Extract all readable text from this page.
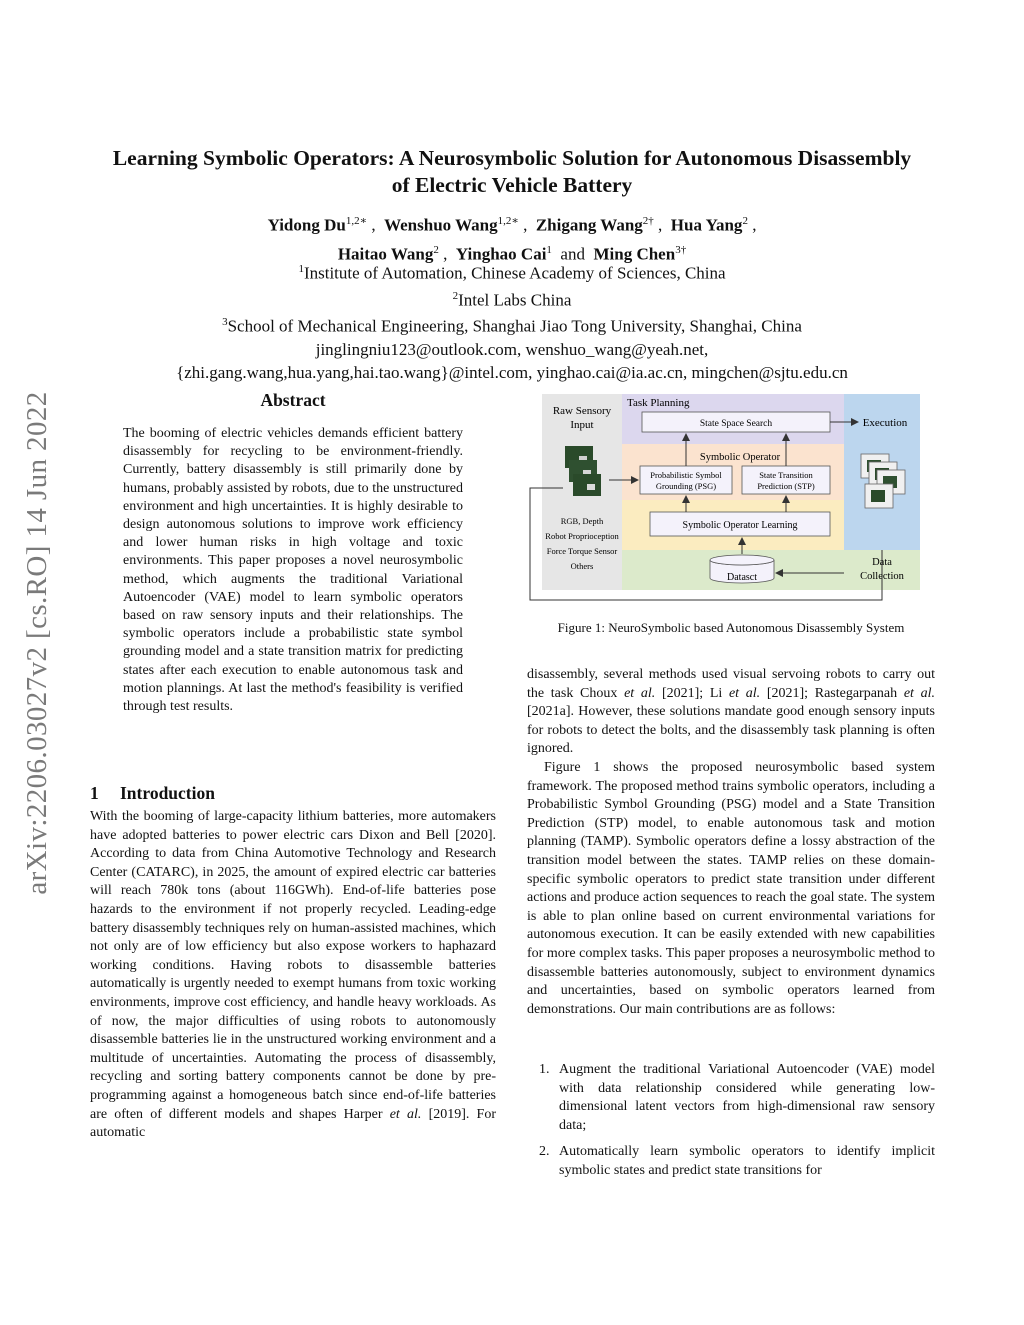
arXiv:2206.03027v2 [cs.RO] 14 Jun 2022
Learning Symbolic Operators: A Neurosymbolic Solution for Autonomous Disassembly of Electric Vehicle Battery
Yidong $Du^{1,2∗}$ ,  Wenshuo Wang$^{1,2∗}$ ,  Zhigang Wang$^{2\dagger}$ ,  Hua Yang$^2$ ,
Haitao Wang$^2$ ,  Yinghao Cai$^1$ and Ming Chen$^{3\dagger}$
$^1$Institute of Automation, Chinese Academy of Sciences, China
$^2$Intel Labs China
$^3$School of Mechanical Engineering, Shanghai Jiao Tong University, Shanghai, China
jinglingniu123@outlook.com, wenshuo_wang@yeah.net,
{zhi.gang.wang,hua.yang,hai.tao.wang}@intel.com, yinghao.cai@ia.ac.cn, mingchen@sjtu.edu.cn
Abstract
The booming of electric vehicles demands efficient battery disassembly for recycling to be environment-friendly. Currently, battery disassembly is still primarily done by humans, probably assisted by robots, due to the unstructured environment and high uncertainties. It is highly desirable to design autonomous solutions to improve work efficiency and lower human risks in high voltage and toxic environments. This paper proposes a novel neurosymbolic method, which augments the traditional Variational Autoencoder (VAE) model to learn symbolic operators based on raw sensory inputs and their relationships. The symbolic operators include a probabilistic state symbol grounding model and a state transition matrix for predicting states after each execution to enable autonomous task and motion plannings. At last the method's feasibility is verified through test results.
1 Introduction

With the booming of large-capacity lithium batteries, more automakers have adopted batteries to power electric cars Dixon and Bell [2020]. According to data from China Automotive Technology and Research Center (CATARC), in 2025, the amount of expired electric car batteries will reach 780k tons (about 116GWh). End-of-life batteries pose hazards to the environment if not properly recycled. Leading-edge battery disassembly techniques rely on human-assisted machines, which not only are of low efficiency but also expose workers to haphazard working conditions. Having robots to disassemble batteries automatically is urgently needed to exempt humans from toxic working environments, improve cost efficiency, and handle heavy workloads. As of now, the major difficulties of using robots to autonomously disassemble batteries lie in the unstructured working environment and a multitude of uncertainties. Automating the process of disassembly, recycling and sorting battery components cannot be done by pre-programming against a homogeneous batch since end-of-life batteries are often of different models and shapes Harper et al. [2019]. For automatic

Raw Sensory
Input
RGB, Depth
Robot Proprioception
Force Torque Sensor
Others
Task Planning
State Space Search	Execution
Symbolic Operator
Probabilistic Symbol
Grounding (PSG)
State Transition
Prediction (STP)
Symbolic Operator Learning
Datasct
Data
Collection
Figure 1: NeuroSymbolic based Autonomous Disassembly System

disassembly, several methods used visual servoing robots to carry out the task Choux et al. [2021]; Li et al. [2021]; Rastegarpanah et al. [2021a]. However, these solutions mandate good enough sensory inputs for robots to detect the bolts, and the disassembly task planning is often ignored.

Figure 1 shows the proposed neurosymbolic based system framework. The proposed method trains symbolic operators, including a Probabilistic Symbol Grounding (PSG) model and a State Transition Prediction (STP) model, to enable autonomous task and motion planning (TAMP). Symbolic operators define a lossy abstraction of the transition model between the states. TAMP relies on these domain-specific symbolic operators to predict state transition under different actions and produce action sequences to reach the goal state. The system is able to plan online based on current environmental variations for autonomous execution. It can be easily extended with new capabilities for more complex tasks. This paper proposes a neurosymbolic method to disassemble batteries autonomously, subject to environment dynamics and uncertainties, based on symbolic operators learned from demonstrations. Our main contributions are as follows:

1. Augment the traditional Variational Autoencoder (VAE) model with data relationship considered while generating low-dimensional latent vectors from high-dimensional raw sensory data;
2. Automatically learn symbolic operators to identify implicit symbolic states and predict state transitions for
